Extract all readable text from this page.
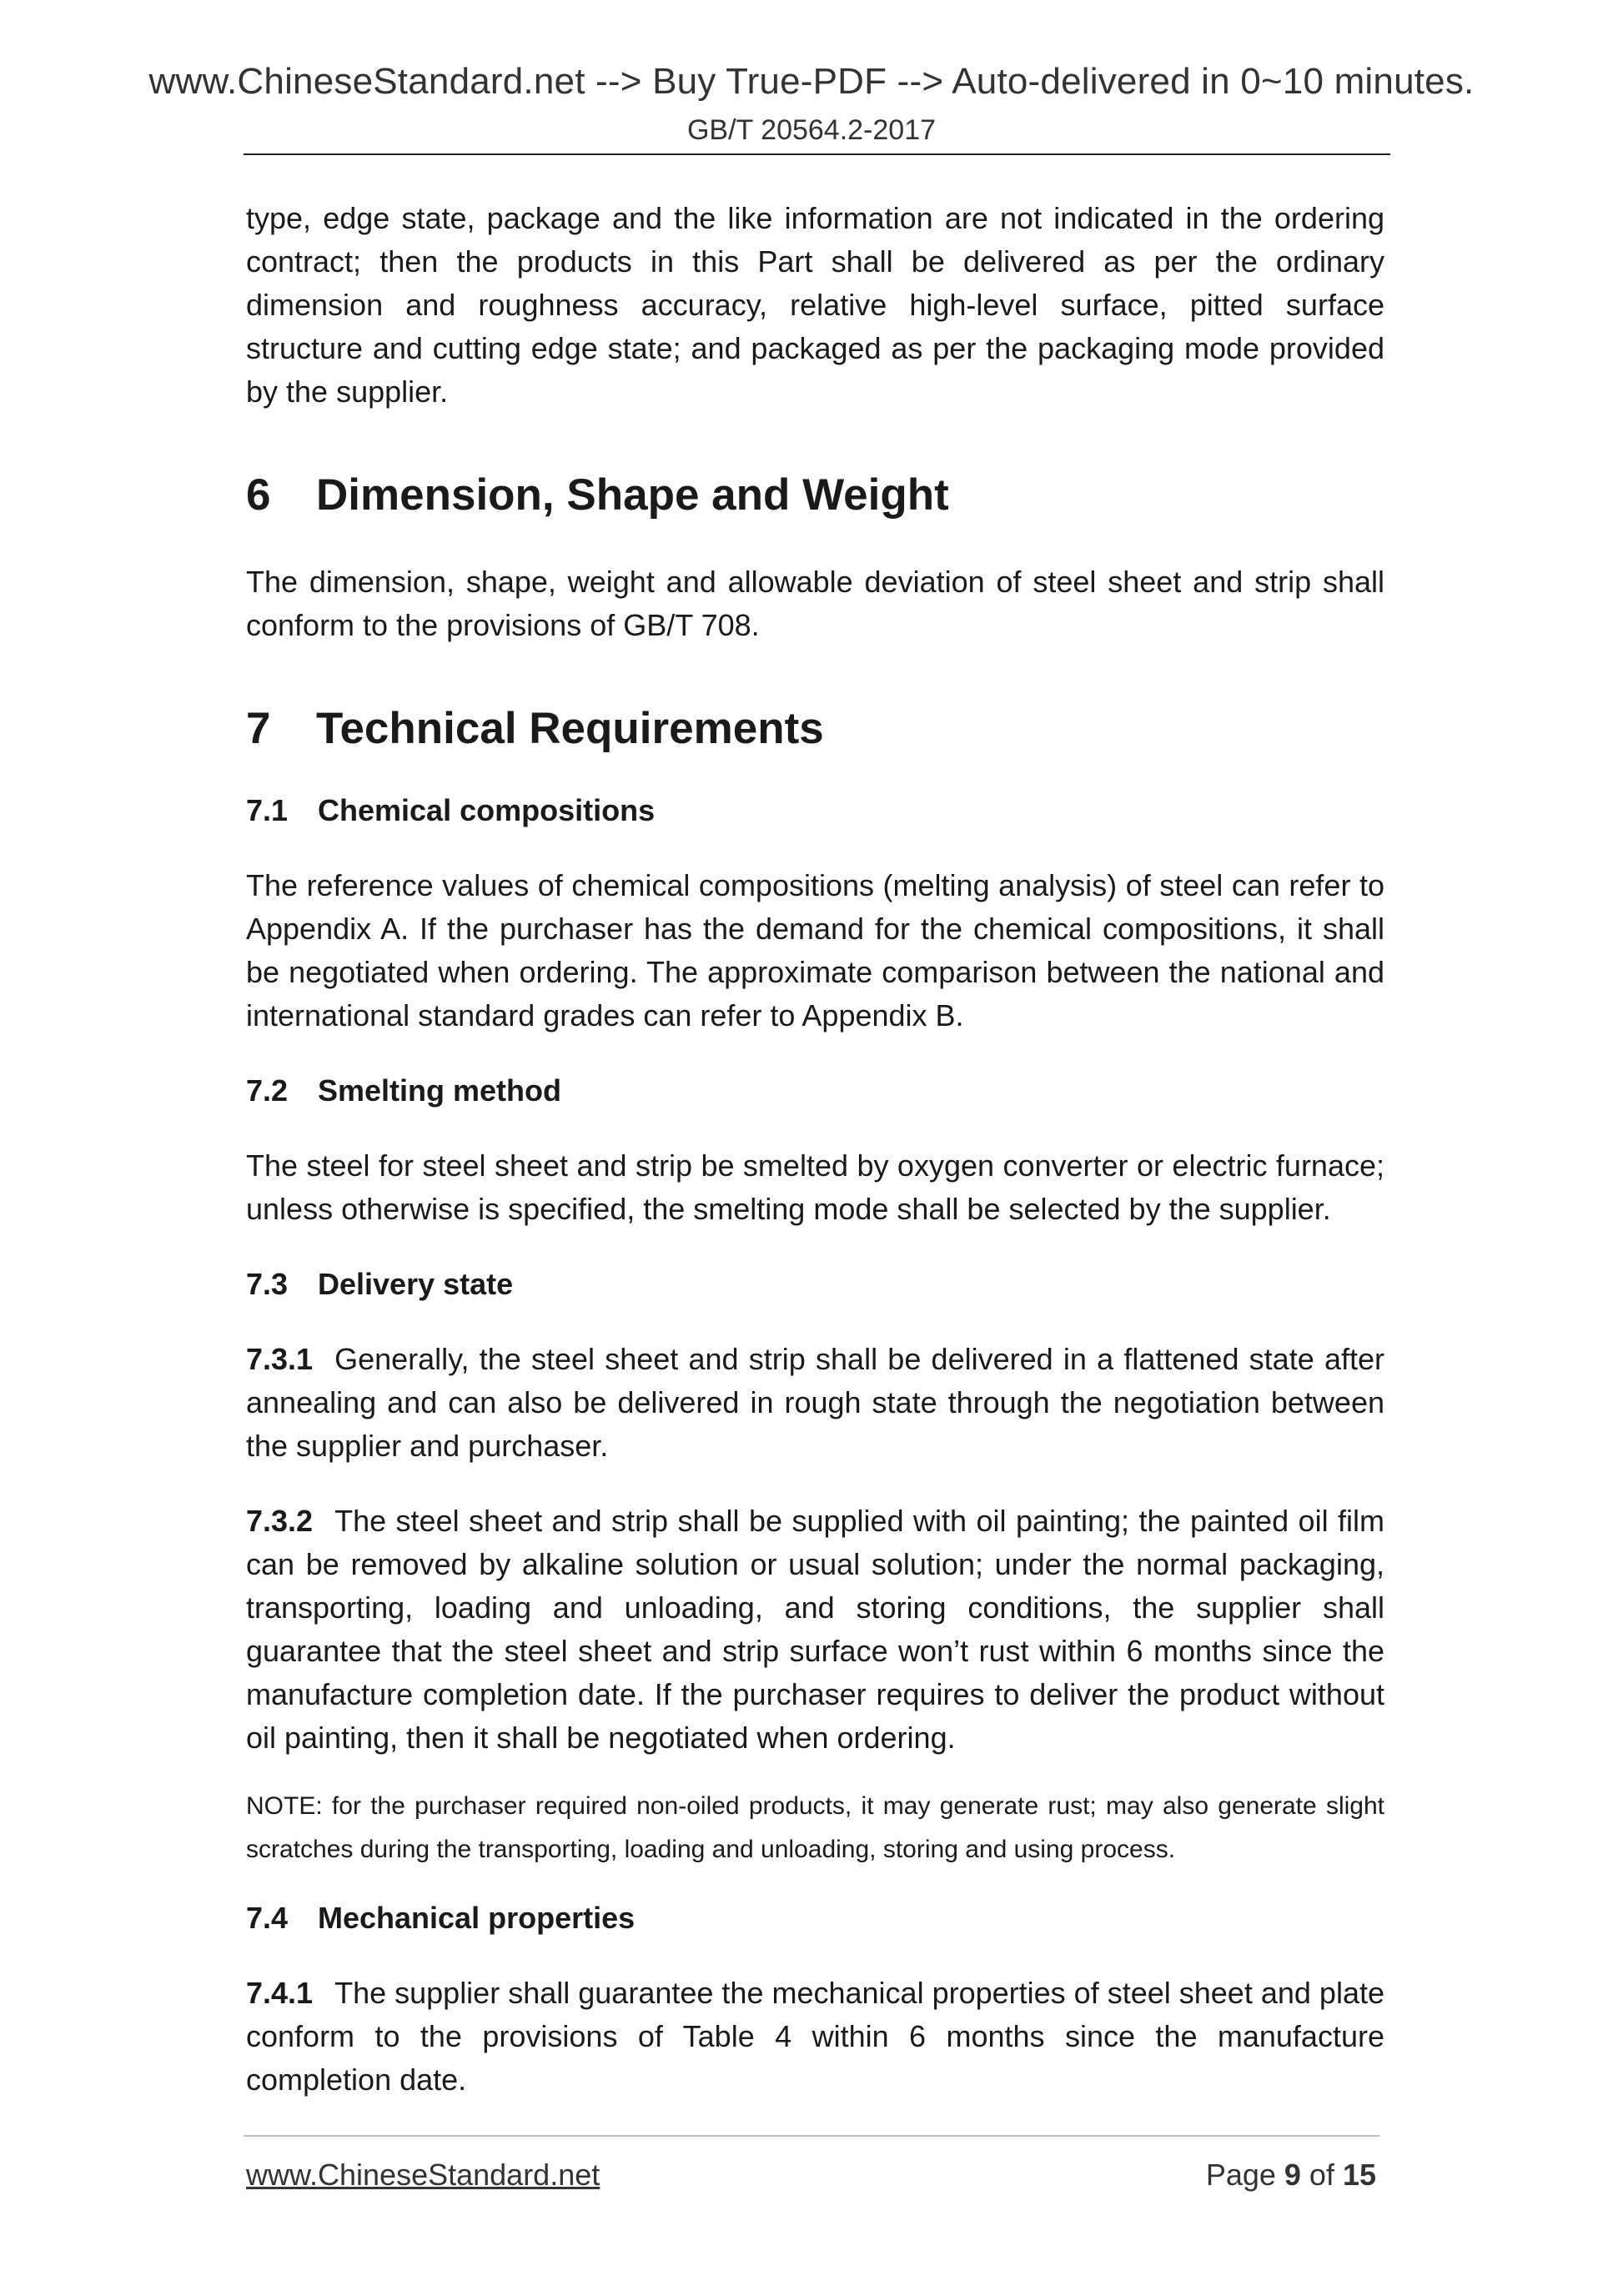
www.ChineseStandard.net --> Buy True-PDF --> Auto-delivered in 0~10 minutes.
GB/T 20564.2-2017

type, edge state, package and the like information are not indicated in the ordering contract; then the products in this Part shall be delivered as per the ordinary dimension and roughness accuracy, relative high-level surface, pitted surface structure and cutting edge state; and packaged as per the packaging mode provided by the supplier.

6 Dimension, Shape and Weight

The dimension, shape, weight and allowable deviation of steel sheet and strip shall conform to the provisions of GB/T 708.

7 Technical Requirements
7.1 Chemical compositions

The reference values of chemical compositions (melting analysis) of steel can refer to Appendix A. If the purchaser has the demand for the chemical compositions, it shall be negotiated when ordering. The approximate comparison between the national and international standard grades can refer to Appendix B.

7.2 Smelting method

The steel for steel sheet and strip be smelted by oxygen converter or electric furnace; unless otherwise is specified, the smelting mode shall be selected by the supplier.

7.3 Delivery state

7.3.1 Generally, the steel sheet and strip shall be delivered in a flattened state after annealing and can also be delivered in rough state through the negotiation between the supplier and purchaser.

7.3.2 The steel sheet and strip shall be supplied with oil painting; the painted oil film can be removed by alkaline solution or usual solution; under the normal packaging, transporting, loading and unloading, and storing conditions, the supplier shall guarantee that the steel sheet and strip surface won’t rust within 6 months since the manufacture completion date. If the purchaser requires to deliver the product without oil painting, then it shall be negotiated when ordering.

NOTE: for the purchaser required non-oiled products, it may generate rust; may also generate slight scratches during the transporting, loading and unloading, storing and using process.

7.4 Mechanical properties

7.4.1 The supplier shall guarantee the mechanical properties of steel sheet and plate conform to the provisions of Table 4 within 6 months since the manufacture completion date.

www.ChineseStandard.net	Page 9 of 15
